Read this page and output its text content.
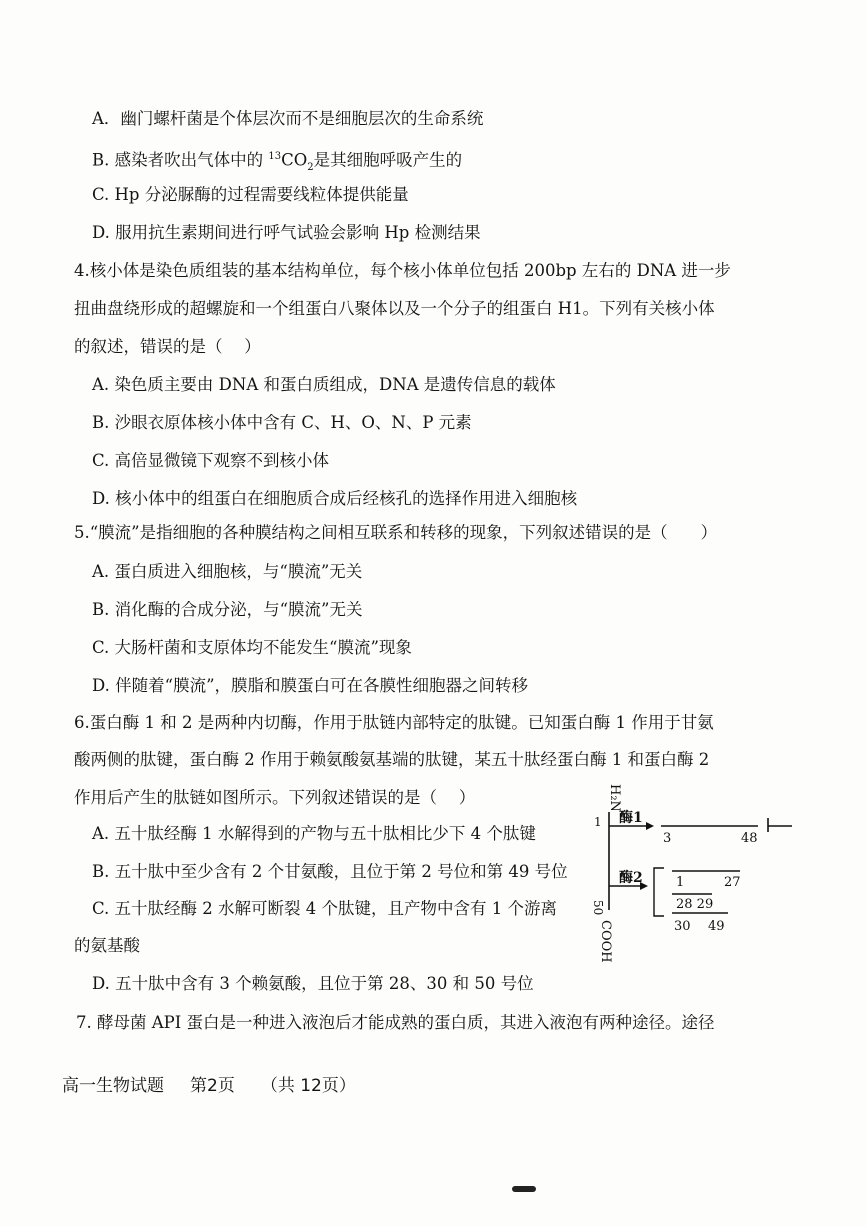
A．幽门螺杆菌是个体层次而不是细胞层次的生命系统
B. 感染者吹出气体中的 $^{13}CO_2$是其细胞呼吸产生的
C. Hp 分泌脲酶的过程需要线粒体提供能量
D. 服用抗生素期间进行呼气试验会影响 Hp 检测结果
4.核小体是染色质组装的基本结构单位，每个核小体单位包括 200bp 左右的 DNA 进一步
扭曲盘绕形成的超螺旋和一个组蛋白八聚体以及一个分子的组蛋白 H1。下列有关核小体
的叙述，错误的是（　 ）
A. 染色质主要由 DNA 和蛋白质组成，DNA 是遗传信息的载体
B. 沙眼衣原体核小体中含有 C、H、O、N、P 元素
C. 高倍显微镜下观察不到核小体
D. 核小体中的组蛋白在细胞质合成后经核孔的选择作用进入细胞核
5.“膜流”是指细胞的各种膜结构之间相互联系和转移的现象，下列叙述错误的是（　　）
A. 蛋白质进入细胞核，与“膜流”无关
B. 消化酶的合成分泌，与“膜流”无关
C. 大肠杆菌和支原体均不能发生“膜流”现象
D. 伴随着“膜流”，膜脂和膜蛋白可在各膜性细胞器之间转移
6.蛋白酶 1 和 2 是两种内切酶，作用于肽链内部特定的肽键。已知蛋白酶 1 作用于甘氨
酸两侧的肽键，蛋白酶 2 作用于赖氨酸氨基端的肽键，某五十肽经蛋白酶 1 和蛋白酶 2
作用后产生的肽链如图所示。下列叙述错误的是（　 ）
A. 五十肽经酶 1 水解得到的产物与五十肽相比少下 4 个肽键
B. 五十肽中至少含有 2 个甘氨酸，且位于第 2 号位和第 49 号位
C. 五十肽经酶 2 水解可断裂 4 个肽键，且产物中含有 1 个游离
的氨基酸
D. 五十肽中含有 3 个赖氨酸，且位于第 28、30 和 50 号位
H₂N
COOH
1
50
酶1
3	48
I
酶2	1	27
28 29
30 49
7. 酵母菌 API 蛋白是一种进入液泡后才能成熟的蛋白质，其进入液泡有两种途径。途径
高一生物试题 第2页 （共 12页）
